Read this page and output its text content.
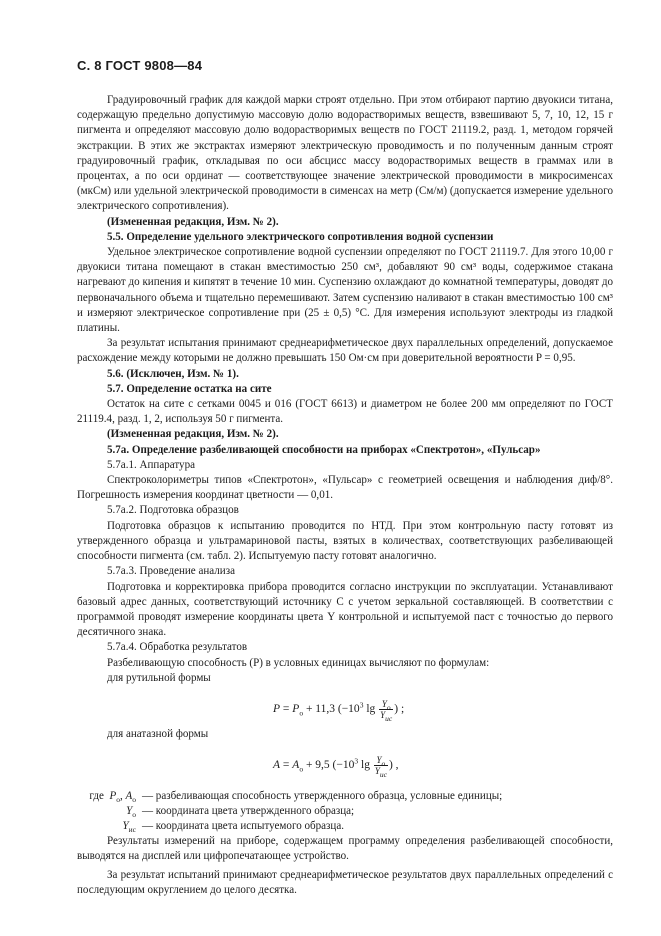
С. 8 ГОСТ 9808—84

Градуировочный график для каждой марки строят отдельно. При этом отбирают партию двуокиси титана, содержащую предельно допустимую массовую долю водорастворимых веществ, взвешивают 5, 7, 10, 12, 15 г пигмента и определяют массовую долю водорастворимых веществ по ГОСТ 21119.2, разд. 1, методом горячей экстракции. В этих же экстрактах измеряют электрическую проводимость и по полученным данным строят градуировочный график, откладывая по оси абсцисс массу водорастворимых веществ в граммах или в процентах, а по оси ординат — соответствующее значение электрической проводимости в микросименсах (мкСм) или удельной электрической проводимости в сименсах на метр (См/м) (допускается измерение удельного электрического сопротивления).

(Измененная редакция, Изм. № 2).

5.5. Определение удельного электрического сопротивления водной суспензии

Удельное электрическое сопротивление водной суспензии определяют по ГОСТ 21119.7. Для этого 10,00 г двуокиси титана помещают в стакан вместимостью 250 см³, добавляют 90 см³ воды, содержимое стакана нагревают до кипения и кипятят в течение 10 мин. Суспензию охлаждают до комнатной температуры, доводят до первоначального объема и тщательно перемешивают. Затем суспензию наливают в стакан вместимостью 100 см³ и измеряют электрическое сопротивление при (25 ± 0,5) °С. Для измерения используют электроды из гладкой платины.

За результат испытания принимают среднеарифметическое двух параллельных определений, допускаемое расхождение между которыми не должно превышать 150 Ом·см при доверительной вероятности P = 0,95.

5.6. (Исключен, Изм. № 1).

5.7. Определение остатка на сите

Остаток на сите с сетками 0045 и 016 (ГОСТ 6613) и диаметром не более 200 мм определяют по ГОСТ 21119.4, разд. 1, 2, используя 50 г пигмента.

(Измененная редакция, Изм. № 2).

5.7а. Определение разбеливающей способности на приборах «Спектротон», «Пульсар»

5.7а.1. Аппаратура

Спектроколориметры типов «Спектротон», «Пульсар» с геометрией освещения и наблюдения диф/8°. Погрешность измерения координат цветности — 0,01.

5.7а.2. Подготовка образцов

Подготовка образцов к испытанию проводится по НТД. При этом контрольную пасту готовят из утвержденного образца и ультрамариновой пасты, взятых в количествах, соответствующих разбеливающей способности пигмента (см. табл. 2). Испытуемую пасту готовят аналогично.

5.7а.3. Проведение анализа

Подготовка и корректировка прибора проводится согласно инструкции по эксплуатации. Устанавливают базовый адрес данных, соответствующий источнику С с учетом зеркальной составляющей. В соответствии с программой проводят измерение координаты цвета Y контрольной и испытуемой паст с точностью до первого десятичного знака.

5.7а.4. Обработка результатов

Разбеливающую способность (P) в условных единицах вычисляют по формулам:

для рутильной формы

$P = P_o + 11,3$ ($-10^3$ $\lg \frac{Y_o}{Y_{ис}}$ ) ;

для анатазной формы

$A = A_o + 9,5$ ($-10^3$ $\lg \frac{Y_o}{Y_{ис}}$ ) ,
где $P_o$, $A_o$ — разбеливающая способность утвержденного образца, условные единицы;
$Y_o$ — координата цвета утвержденного образца;
$Y_{ис}$ — координата цвета испытуемого образца.

Результаты измерений на приборе, содержащем программу определения разбеливающей способности, выводятся на дисплей или цифропечатающее устройство.

За результат испытаний принимают среднеарифметическое результатов двух параллельных определений с последующим округлением до целого десятка.
